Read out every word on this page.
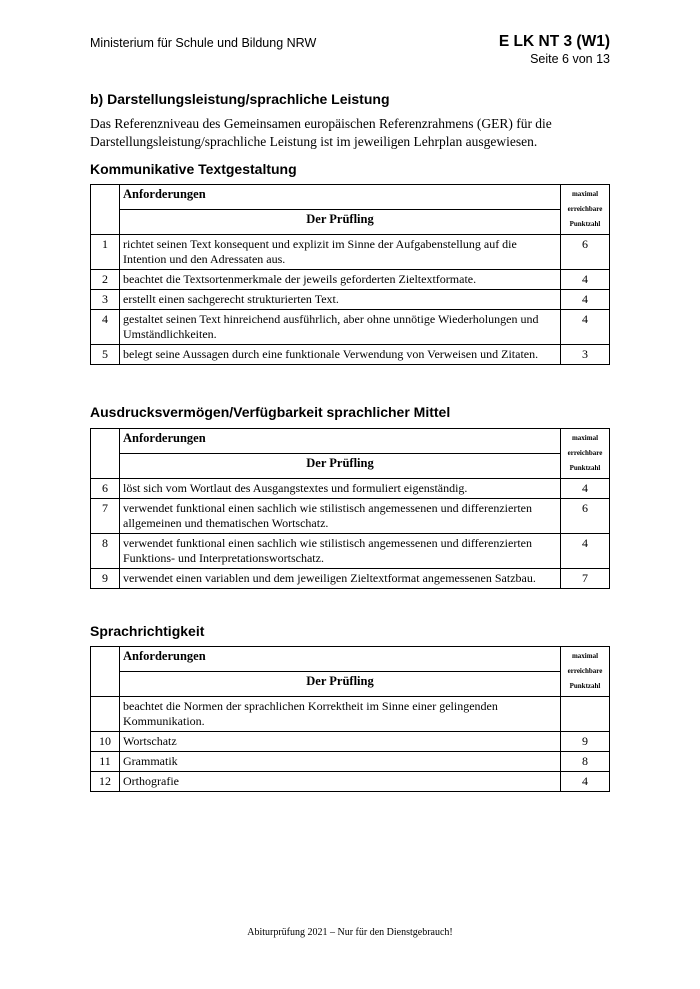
Ministerium für Schule und Bildung NRW	E LK NT 3 (W1)
Seite 6 von 13
b) Darstellungsleistung/sprachliche Leistung

Das Referenzniveau des Gemeinsamen europäischen Referenzrahmens (GER) für die Darstellungsleistung/sprachliche Leistung ist im jeweiligen Lehrplan ausgewiesen.

Kommunikative Textgestaltung
	Anforderungen	maximal erreichbare Punktzahl
	Der Prüfling	
1	richtet seinen Text konsequent und explizit im Sinne der Aufgabenstellung auf die Intention und den Adressaten aus.	6
2	beachtet die Textsortenmerkmale der jeweils geforderten Zieltextformate.	4
3	erstellt einen sachgerecht strukturierten Text.	4
4	gestaltet seinen Text hinreichend ausführlich, aber ohne unnötige Wiederholungen und Umständlichkeiten.	4
5	belegt seine Aussagen durch eine funktionale Verwendung von Verweisen und Zitaten.	3
Ausdrucksvermögen/Verfügbarkeit sprachlicher Mittel
	Anforderungen	maximal erreichbare Punktzahl
	Der Prüfling	
6	löst sich vom Wortlaut des Ausgangstextes und formuliert eigenständig.	4
7	verwendet funktional einen sachlich wie stilistisch angemessenen und differenzierten allgemeinen und thematischen Wortschatz.	6
8	verwendet funktional einen sachlich wie stilistisch angemessenen und differenzierten Funktions- und Interpretationswortschatz.	4
9	verwendet einen variablen und dem jeweiligen Zieltextformat angemessenen Satzbau.	7
Sprachrichtigkeit
	Anforderungen	maximal erreichbare Punktzahl
	Der Prüfling	
	beachtet die Normen der sprachlichen Korrektheit im Sinne einer gelingenden Kommunikation.	
10	Wortschatz	9
11	Grammatik	8
12	Orthografie	4
Abiturprüfung 2021 – Nur für den Dienstgebrauch!
